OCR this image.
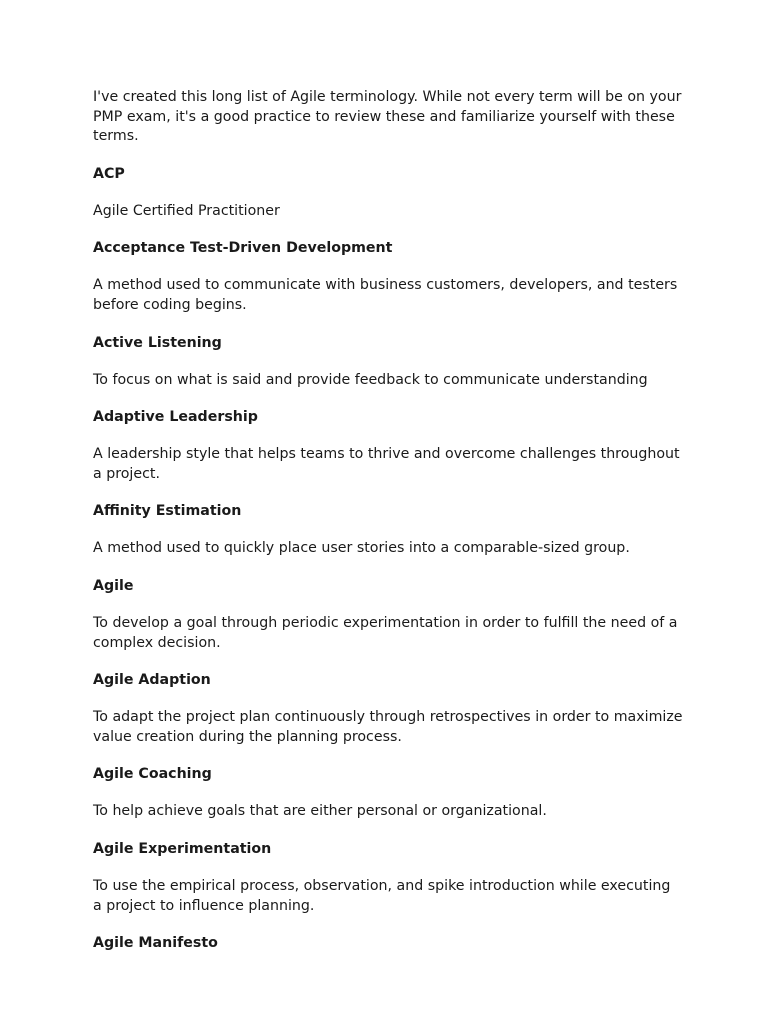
I've created this long list of Agile terminology. While not every term will be on your PMP exam, it's a good practice to review these and familiarize yourself with these terms.

ACP

Agile Certified Practitioner

Acceptance Test-Driven Development

A method used to communicate with business customers, developers, and testers before coding begins.

Active Listening

To focus on what is said and provide feedback to communicate understanding

Adaptive Leadership

A leadership style that helps teams to thrive and overcome challenges throughout a project.

Affinity Estimation

A method used to quickly place user stories into a comparable-sized group.

Agile

To develop a goal through periodic experimentation in order to fulfill the need of a complex decision.

Agile Adaption

To adapt the project plan continuously through retrospectives in order to maximize value creation during the planning process.

Agile Coaching

To help achieve goals that are either personal or organizational.

Agile Experimentation

To use the empirical process, observation, and spike introduction while executing a project to influence planning.

Agile Manifesto
